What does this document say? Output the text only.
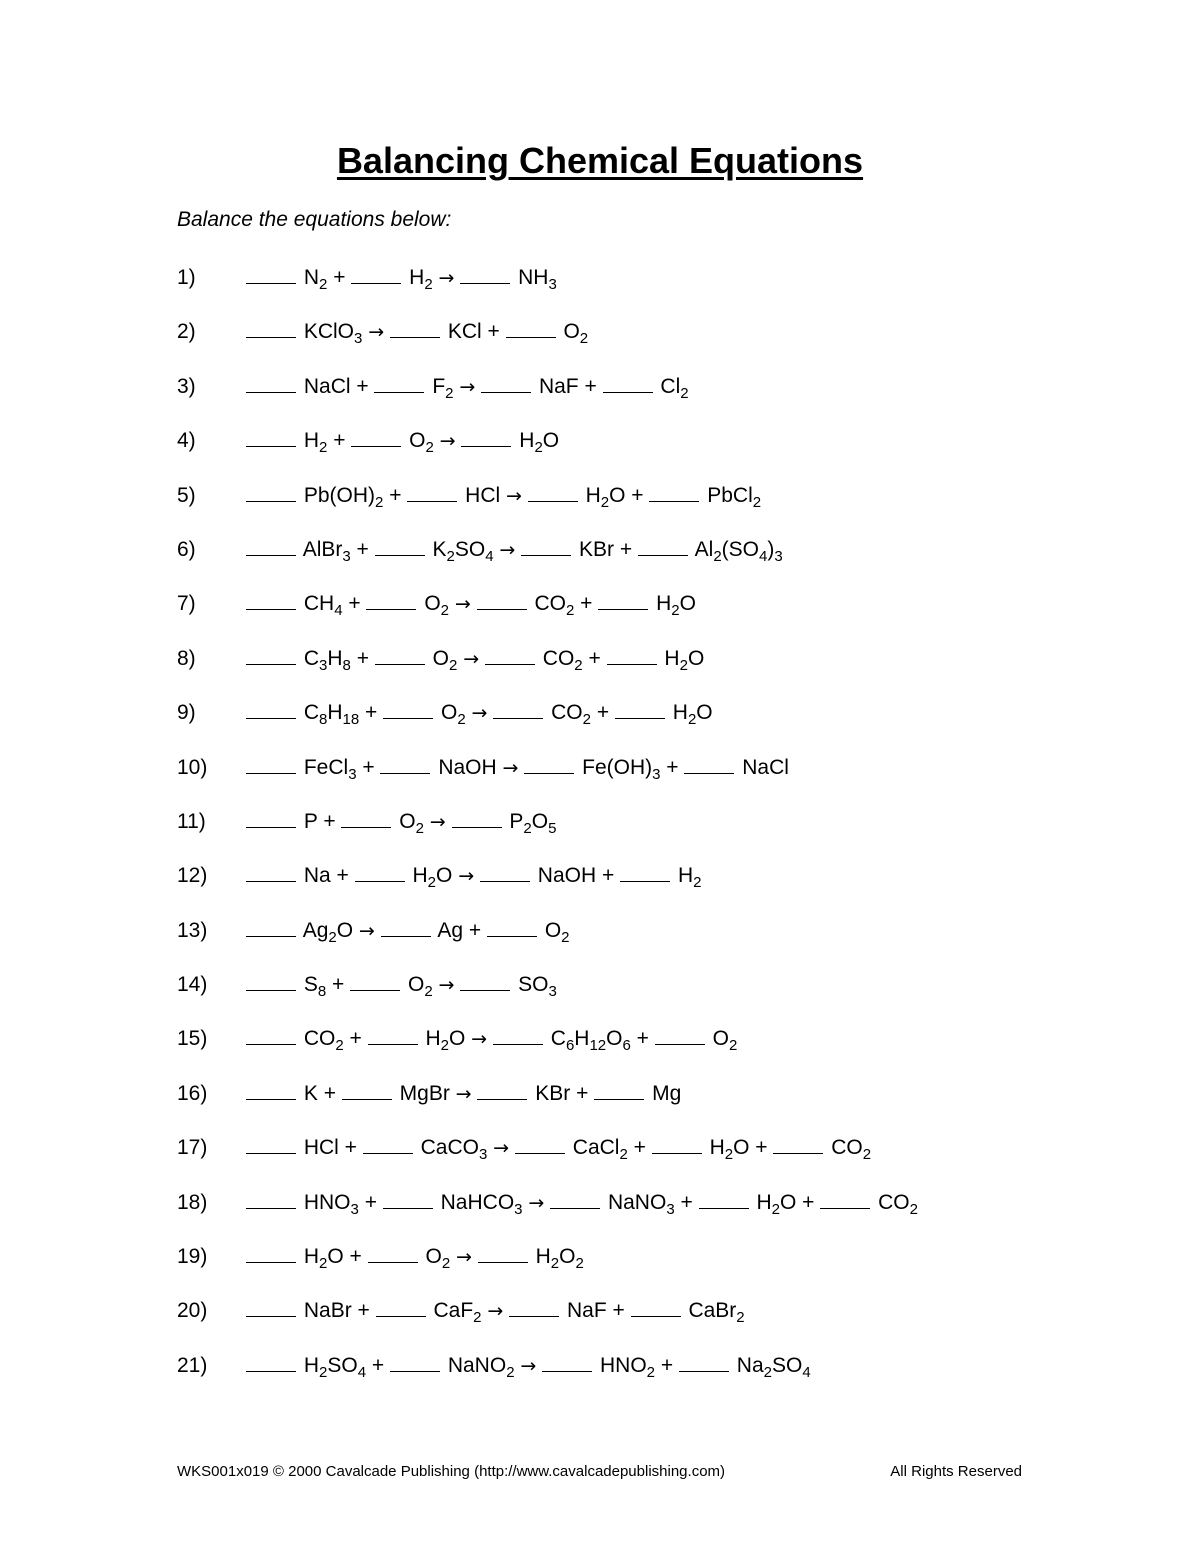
Balancing Chemical Equations
Balance the equations below:
1)	$N_2$ +	$H_2$ →	$NH_3$
2)	KClO$_3$ →	KCl +	$O_2$
3)	NaCl +	$F_2$ →	NaF +	$Cl_2$
4)	$H_2$ +	$O_2$ →	$H_2O$
5)	$Pb(OH)_2$ +	HCl →	$H_2O$ +	PbCl$_2$
6)	AlBr$_3$ +	$K_2SO_4$ →	KBr +	$Al_2(SO_4)_3$
7)	$CH_4$ +	$O_2$ →	$CO_2$ +	$H_2O$
8)	$C_3H_8$ +	$O_2$ →	$CO_2$ +	$H_2O$
9)	$C_8H_{18}$ +	$O_2$ →	$CO_2$ +	$H_2O$
10)	FeCl$_3$ +	NaOH →	$Fe(OH)_3$ +	NaCl
11)	P +	$O_2$ →	$P_2O_5$
12)	Na +	$H_2O$ →	NaOH +	$H_2$
13)	$Ag_2O$ →	Ag +	$O_2$
14)	$S_8$ +	$O_2$ →	$SO_3$
15)	$CO_2$ +	$H_2O$ →	$C_6H_{12}O_6$ +	$O_2$
16)	K +	MgBr →	KBr +	Mg
17)	HCl +	CaCO$_3$ →	CaCl$_2$ +	$H_2O$ +	$CO_2$
18)	$HNO_3$ +	NaHCO$_3$ →	NaNO$_3$ +	$H_2O$ +	$CO_2$
19)	$H_2O$ +	$O_2$ →	$H_2O_2$
20)	NaBr +	CaF$_2$ →	NaF +	CaBr$_2$
21)	$H_2SO_4$ +	NaNO$_2$ →	$HNO_2$ +	$Na_2SO_4$
WKS001x019 © 2000 Cavalcade Publishing (http://www.cavalcadepublishing.com)	All Rights Reserved
